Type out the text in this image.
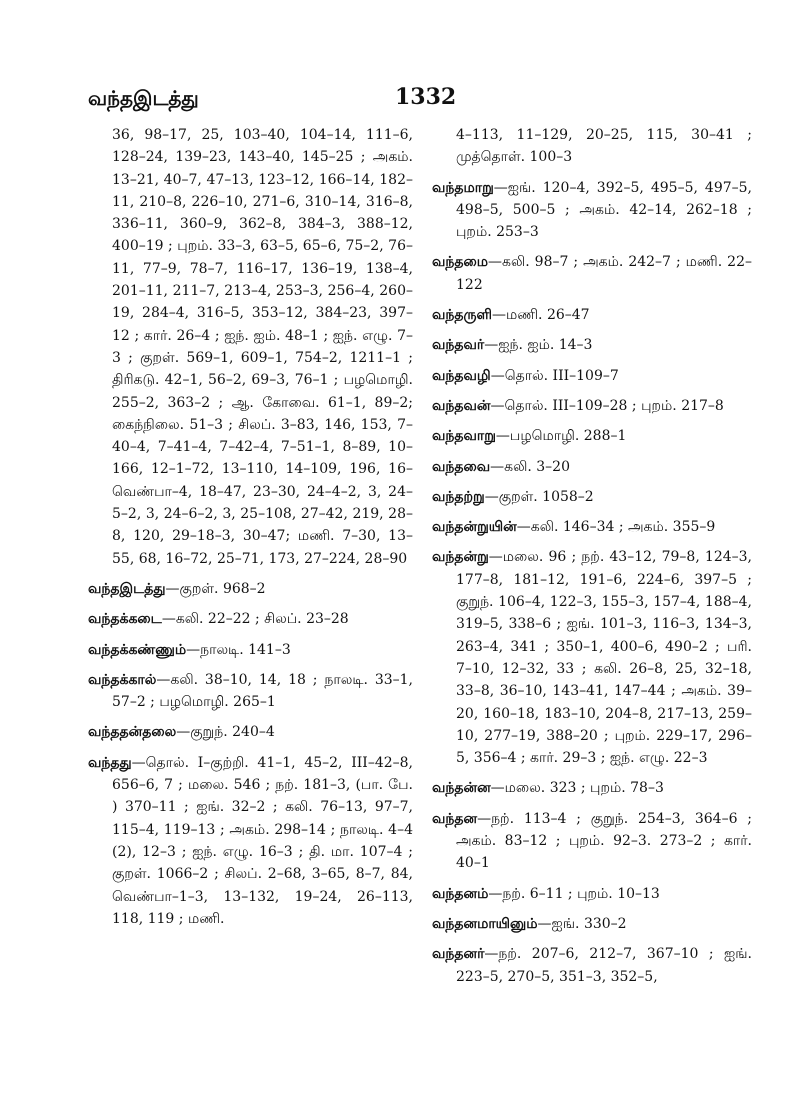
வந்தஇடத்து	1332
36, 98–17, 25, 103–40, 104–14, 111–6, 128–24, 139–23, 143–40, 145–25 ; அகம். 13–21, 40–7, 47–13, 123–12, 166–14, 182–11, 210–8, 226–10, 271–6, 310–14, 316–8, 336–11, 360–9, 362–8, 384–3, 388–12, 400–19 ; புறம். 33–3, 63–5, 65–6, 75–2, 76–11, 77–9, 78–7, 116–17, 136–19, 138–4, 201–11, 211–7, 213–4, 253–3, 256–4, 260–19, 284–4, 316–5, 353–12, 384–23, 397–12 ; கார். 26–4 ; ஐந். ஐம். 48–1 ; ஐந். எழு. 7–3 ; குறள். 569–1, 609–1, 754–2, 1211–1 ; திரிகடு. 42–1, 56–2, 69–3, 76–1 ; பழமொழி. 255–2, 363–2 ; ஆ. கோவை. 61–1, 89–2; கைந்நிலை. 51–3 ; சிலப். 3–83, 146, 153, 7–40–4, 7–41–4, 7–42–4, 7–51–1, 8–89, 10–166, 12–1–72, 13–110, 14–109, 196, 16–வெண்பா–4, 18–47, 23–30, 24–4–2, 3, 24–5–2, 3, 24–6–2, 3, 25–108, 27–42, 219, 28–8, 120, 29–18–3, 30–47; மணி. 7–30, 13–55, 68, 16–72, 25–71, 173, 27–224, 28–90
வந்தஇடத்து—குறள். 968–2
வந்தக்கடை—கலி. 22–22 ; சிலப். 23–28
வந்தக்கண்ணும்—நாலடி. 141–3
வந்தக்கால்—கலி. 38–10, 14, 18 ; நாலடி. 33–1, 57–2 ; பழமொழி. 265–1
வந்ததன்தலை—குறுந். 240–4
வந்தது—தொல். I–குற்றி. 41–1, 45–2, III–42–8, 656–6, 7 ; மலை. 546 ; நற். 181–3, (பா. பே. ) 370–11 ; ஐங். 32–2 ; கலி. 76–13, 97–7, 115–4, 119–13 ; அகம். 298–14 ; நாலடி. 4–4 (2), 12–3 ; ஐந். எழு. 16–3 ; தி. மா. 107–4 ; குறள். 1066–2 ; சிலப். 2–68, 3–65, 8–7, 84, வெண்பா–1–3, 13–132, 19–24, 26–113, 118, 119 ; மணி.
4–113, 11–129, 20–25, 115, 30–41 ; முத்தொள். 100–3
வந்தமாறு—ஐங். 120–4, 392–5, 495–5, 497–5, 498–5, 500–5 ; அகம். 42–14, 262–18 ; புறம். 253–3
வந்தமை—கலி. 98–7 ; அகம். 242–7 ; மணி. 22–122
வந்தருளி—மணி. 26–47
வந்தவர்—ஐந். ஐம். 14–3
வந்தவழி—தொல். III–109–7
வந்தவன்—தொல். III–109–28 ; புறம். 217–8
வந்தவாறு—பழமொழி. 288–1
வந்தவை—கலி. 3–20
வந்தற்று—குறள். 1058–2
வந்தன்றுயின்—கலி. 146–34 ; அகம். 355–9
வந்தன்று—மலை. 96 ; நற். 43–12, 79–8, 124–3, 177–8, 181–12, 191–6, 224–6, 397–5 ; குறுந். 106–4, 122–3, 155–3, 157–4, 188–4, 319–5, 338–6 ; ஐங். 101–3, 116–3, 134–3, 263–4, 341 ; 350–1, 400–6, 490–2 ; பரி. 7–10, 12–32, 33 ; கலி. 26–8, 25, 32–18, 33–8, 36–10, 143–41, 147–44 ; அகம். 39–20, 160–18, 183–10, 204–8, 217–13, 259–10, 277–19, 388–20 ; புறம். 229–17, 296–5, 356–4 ; கார். 29–3 ; ஐந். எழு. 22–3
வந்தன்ன—மலை. 323 ; புறம். 78–3
வந்தன—நற். 113–4 ; குறுந். 254–3, 364–6 ; அகம். 83–12 ; புறம். 92–3. 273–2 ; கார். 40–1
வந்தனம்—நற். 6–11 ; புறம். 10–13
வந்தனமாயினும்—ஐங். 330–2
வந்தனர்—நற். 207–6, 212–7, 367–10 ; ஐங். 223–5, 270–5, 351–3, 352–5,
